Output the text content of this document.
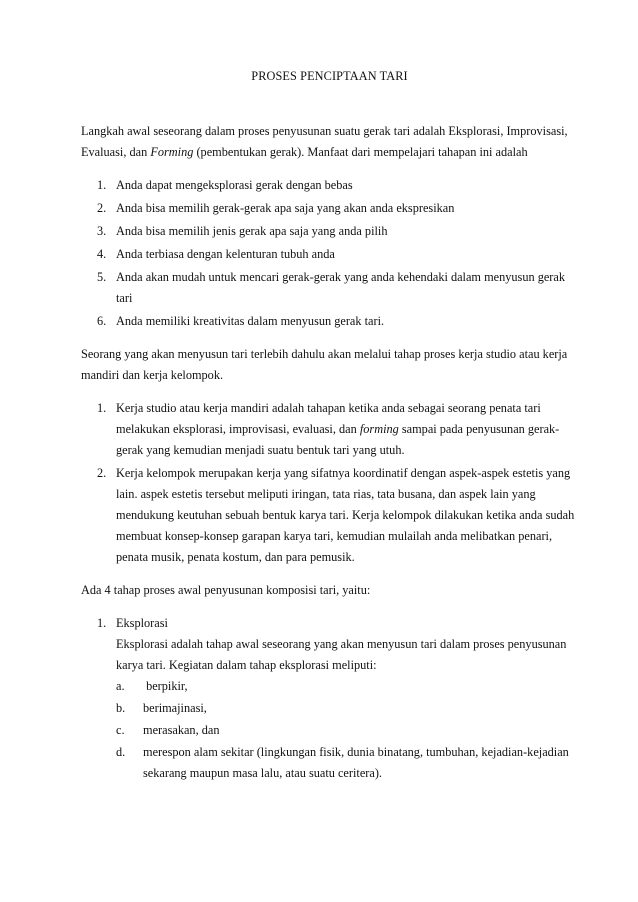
PROSES PENCIPTAAN TARI

Langkah awal seseorang dalam proses penyusunan suatu gerak tari adalah Eksplorasi, Improvisasi, Evaluasi, dan Forming (pembentukan gerak). Manfaat dari mempelajari tahapan ini adalah

1. Anda dapat mengeksplorasi gerak dengan bebas
2. Anda bisa memilih gerak-gerak apa saja yang akan anda ekspresikan
3. Anda bisa memilih jenis gerak apa saja yang anda pilih
4. Anda terbiasa dengan kelenturan tubuh anda
5. Anda akan mudah untuk mencari gerak-gerak yang anda kehendaki dalam menyusun gerak tari
6. Anda memiliki kreativitas dalam menyusun gerak tari.

Seorang yang akan menyusun tari terlebih dahulu akan melalui tahap proses kerja studio atau kerja mandiri dan kerja kelompok.

1. Kerja studio atau kerja mandiri adalah tahapan ketika anda sebagai seorang penata tari melakukan eksplorasi, improvisasi, evaluasi, dan forming sampai pada penyusunan gerak-gerak yang kemudian menjadi suatu bentuk tari yang utuh.
2. Kerja kelompok merupakan kerja yang sifatnya koordinatif dengan aspek-aspek estetis yang lain. aspek estetis tersebut meliputi iringan, tata rias, tata busana, dan aspek lain yang mendukung keutuhan sebuah bentuk karya tari. Kerja kelompok dilakukan ketika anda sudah membuat konsep-konsep garapan karya tari, kemudian mulailah anda melibatkan penari, penata musik, penata kostum, dan para pemusik.

Ada 4 tahap proses awal penyusunan komposisi tari, yaitu:

1. Eksplorasi
Eksplorasi adalah tahap awal seseorang yang akan menyusun tari dalam proses penyusunan karya tari. Kegiatan dalam tahap eksplorasi meliputi:
a. berpikir,
b. berimajinasi,
c. merasakan, dan
d. merespon alam sekitar (lingkungan fisik, dunia binatang, tumbuhan, kejadian-kejadian sekarang maupun masa lalu, atau suatu ceritera).
